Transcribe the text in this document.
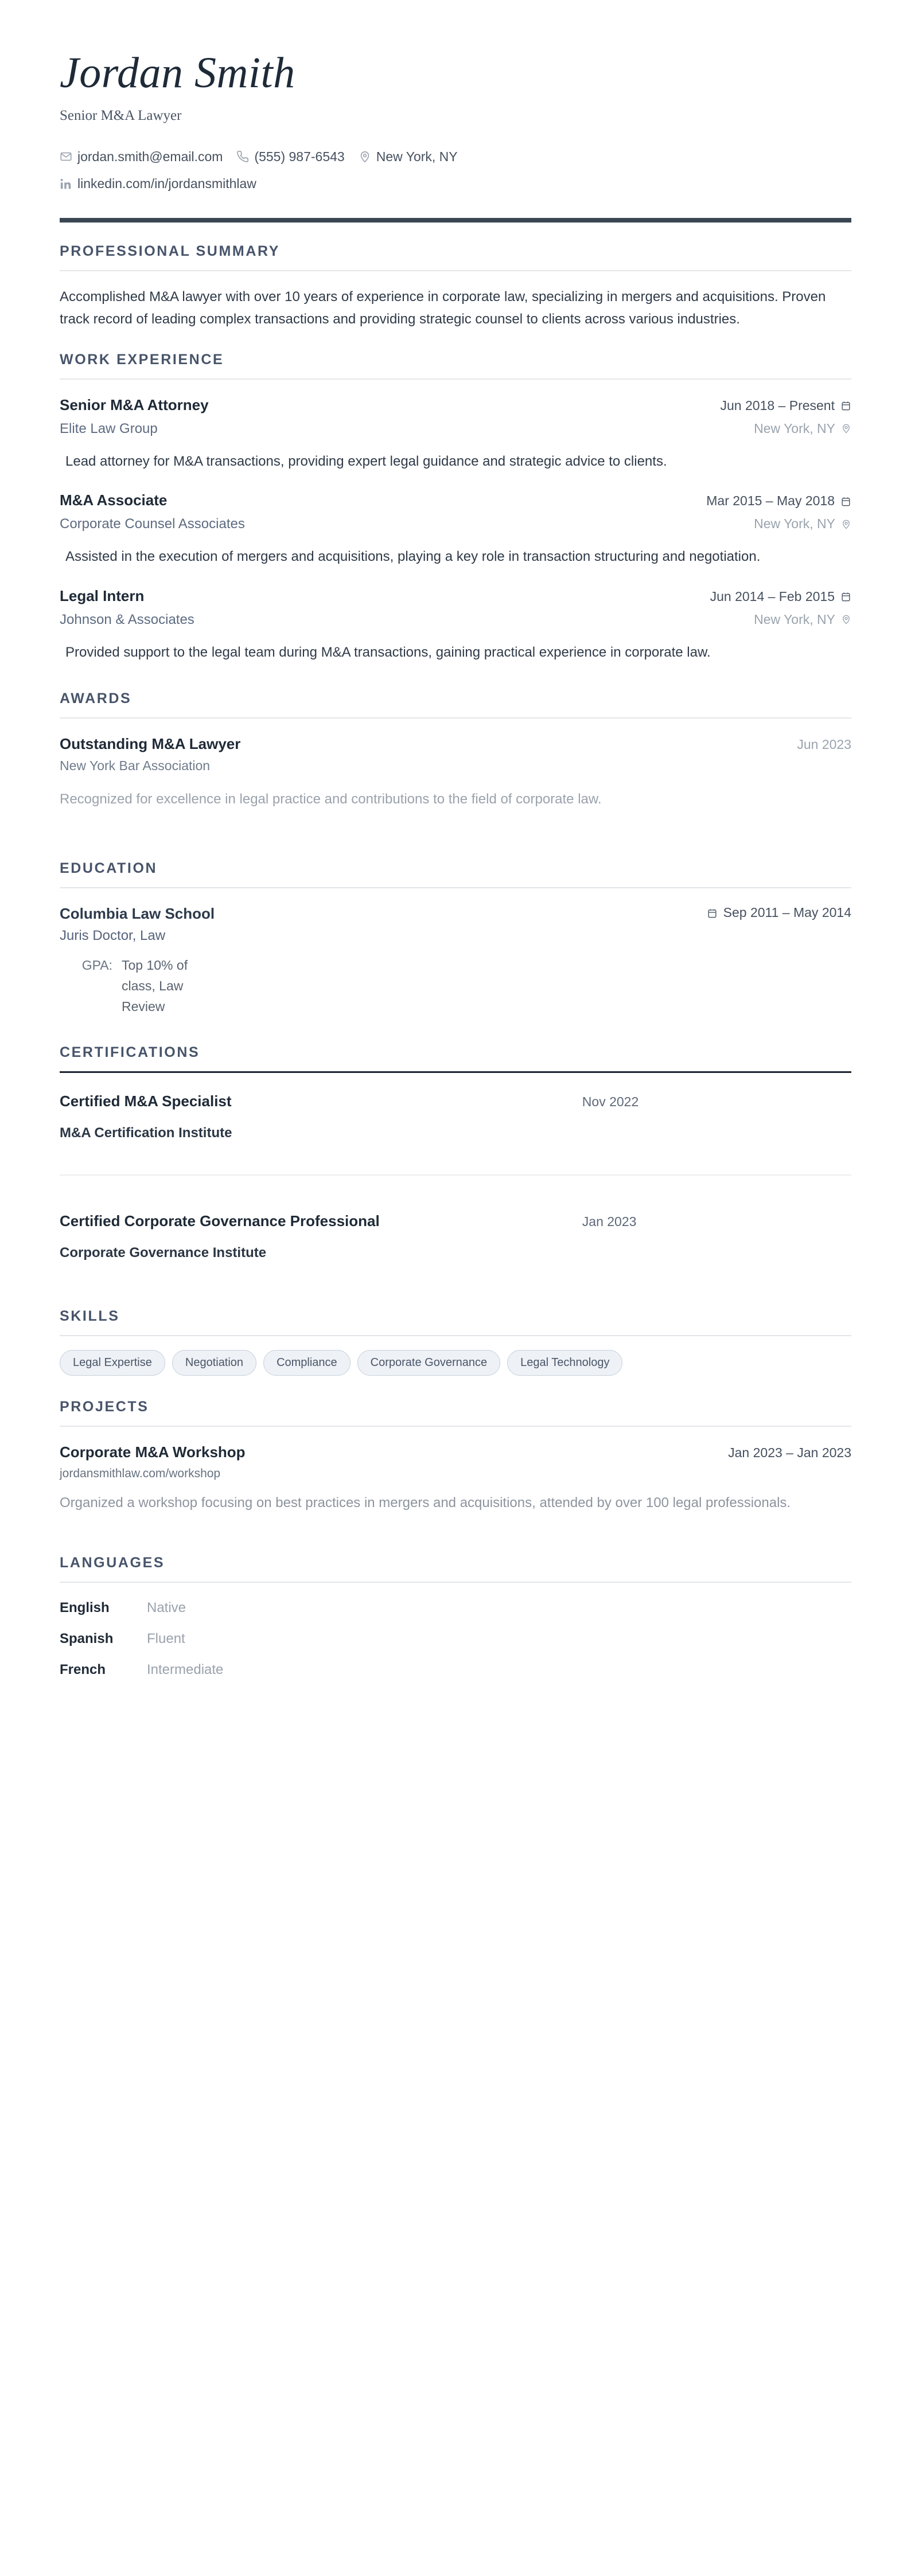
Jordan Smith
Senior M&A Lawyer
jordan.smith@email.com (555) 987-6543 New York, NY
linkedin.com/in/jordansmithlaw
PROFESSIONAL SUMMARY
Accomplished M&A lawyer with over 10 years of experience in corporate law, specializing in mergers and acquisitions. Proven track record of leading complex transactions and providing strategic counsel to clients across various industries.
WORK EXPERIENCE
Senior M&A Attorney	Jun 2018 – Present
Elite Law Group	New York, NY
Lead attorney for M&A transactions, providing expert legal guidance and strategic advice to clients.
M&A Associate	Mar 2015 – May 2018
Corporate Counsel Associates	New York, NY
Assisted in the execution of mergers and acquisitions, playing a key role in transaction structuring and negotiation.
Legal Intern	Jun 2014 – Feb 2015
Johnson & Associates	New York, NY
Provided support to the legal team during M&A transactions, gaining practical experience in corporate law.
AWARDS
Outstanding M&A Lawyer	Jun 2023
New York Bar Association
Recognized for excellence in legal practice and contributions to the field of corporate law.
EDUCATION
Columbia Law School	Sep 2011 – May 2014
Juris Doctor, Law
GPA: Top 10% of class, Law Review
CERTIFICATIONS
Certified M&A Specialist	Nov 2022
M&A Certification Institute
Certified Corporate Governance Professional	Jan 2023
Corporate Governance Institute
SKILLS
Legal Expertise	Negotiation	Compliance	Corporate Governance	Legal Technology
PROJECTS
Corporate M&A Workshop	Jan 2023 – Jan 2023
jordansmithlaw.com/workshop
Organized a workshop focusing on best practices in mergers and acquisitions, attended by over 100 legal professionals.
LANGUAGES
English	Native
Spanish	Fluent
French	Intermediate
